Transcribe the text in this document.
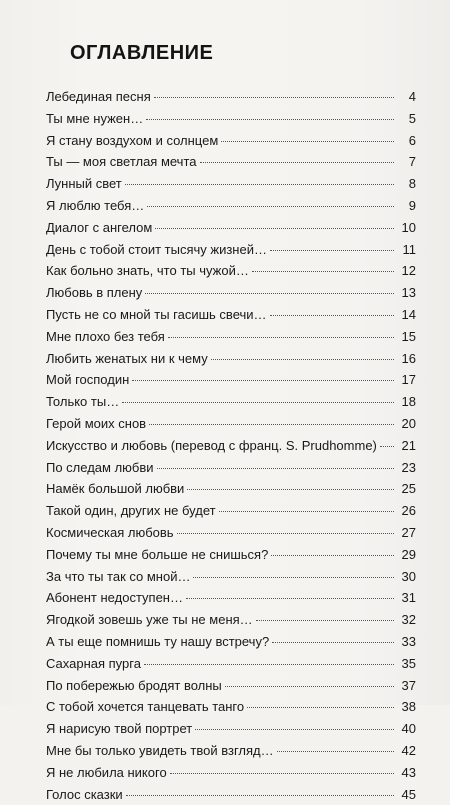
ОГЛАВЛЕНИЕ
Лебединая песня	4
Ты мне нужен…	5
Я стану воздухом и солнцем	6
Ты — моя светлая мечта	7
Лунный свет	8
Я люблю тебя…	9
Диалог с ангелом	10
День с тобой стоит тысячу жизней…	11
Как больно знать, что ты чужой…	12
Любовь в плену	13
Пусть не со мной ты гасишь свечи…	14
Мне плохо без тебя	15
Любить женатых ни к чему	16
Мой господин	17
Только ты…	18
Герой моих снов	20
Искусство и любовь (перевод с франц. S. Prudhomme) 21
По следам любви	23
Намёк большой любви	25
Такой один, других не будет	26
Космическая любовь	27
Почему ты мне больше не снишься?	29
За что ты так со мной…	30
Абонент недоступен…	31
Ягодкой зовешь уже ты не меня…	32
А ты еще помнишь ту нашу встречу?	33
Сахарная пурга	35
По побережью бродят волны	37
С тобой хочется танцевать танго	38
Я нарисую твой портрет	40
Мне бы только увидеть твой взгляд…	42
Я не любила никого	43
Голос сказки	45
